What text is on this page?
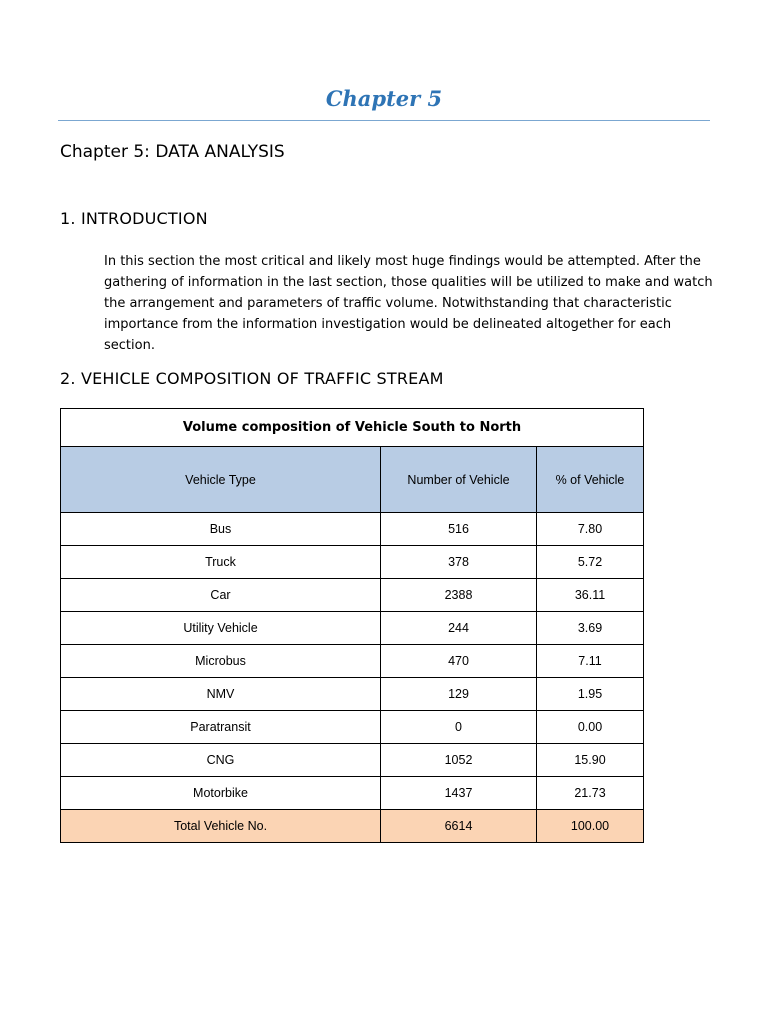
Chapter 5
Chapter 5: DATA ANALYSIS
1. INTRODUCTION

In this section the most critical and likely most huge findings would be attempted. After the gathering of information in the last section, those qualities will be utilized to make and watch the arrangement and parameters of traffic volume. Notwithstanding that characteristic importance from the information investigation would be delineated altogether for each section.

2. VEHICLE COMPOSITION OF TRAFFIC STREAM
Volume composition of Vehicle South to North		
Vehicle Type	Number of Vehicle	% of Vehicle
Bus	516	7.80
Truck	378	5.72
Car	2388	36.11
Utility Vehicle	244	3.69
Microbus	470	7.11
NMV	129	1.95
Paratransit	0	0.00
CNG	1052	15.90
Motorbike	1437	21.73
Total Vehicle No.	6614	100.00
